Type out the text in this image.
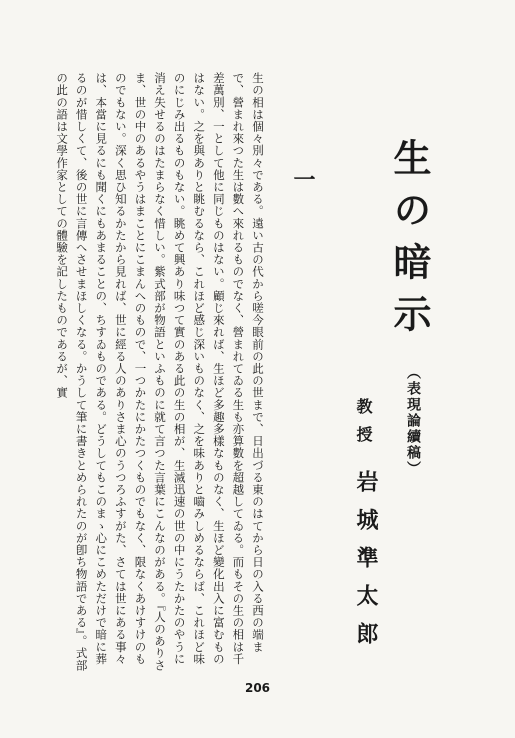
生の暗示
（表現論續稿）
教授
岩城準太郎
一

生の相は個々別々である。遠い古の代から嗟今眼前の此の世まで、日出づる東のはてから日の入る西の端まで、營まれ來つた生は數へ來れるものでなく、營まれてゐる生も亦算數を超越してゐる。而もその生の相は千差萬別、一として他に同じものはない。顧じ來れば、生ほど多趣多樣なものなく、生ほど變化出入に富むものはない。之を與ありと眺むるなら、これほど感じ深いものなく、之を味ありと嚙みしめるならば、これほど味のにじみ出るものもない。眺めて興あり味つて實のある此の生の相が、生滅迅速の世の中にうたかたのやうに消え失せるのはたまらなく惜しい。紫式部が物語といふものに就て言つた言葉にこんなのがある。『人のありさま、世の中のあるやうはまことにこまんへのもので、一つかたにかたつくものでもなく、限なくあけすけのものでもない。深く思ひ知るかたから見れば、世に經る人のありさま心のうつろふすがた、さては世にある事々は、本當に見るにも聞くにもあまることの、ちすゐものである。どうしてもこのまゝ心にこめただけで暗に葬るのが惜しくて、後の世に言傳へさせまほしくなる。かうして筆に書きとめられたのが卽ち物語である』。式部の此の語は文學作家としての體驗を記したものであるが、實

206
